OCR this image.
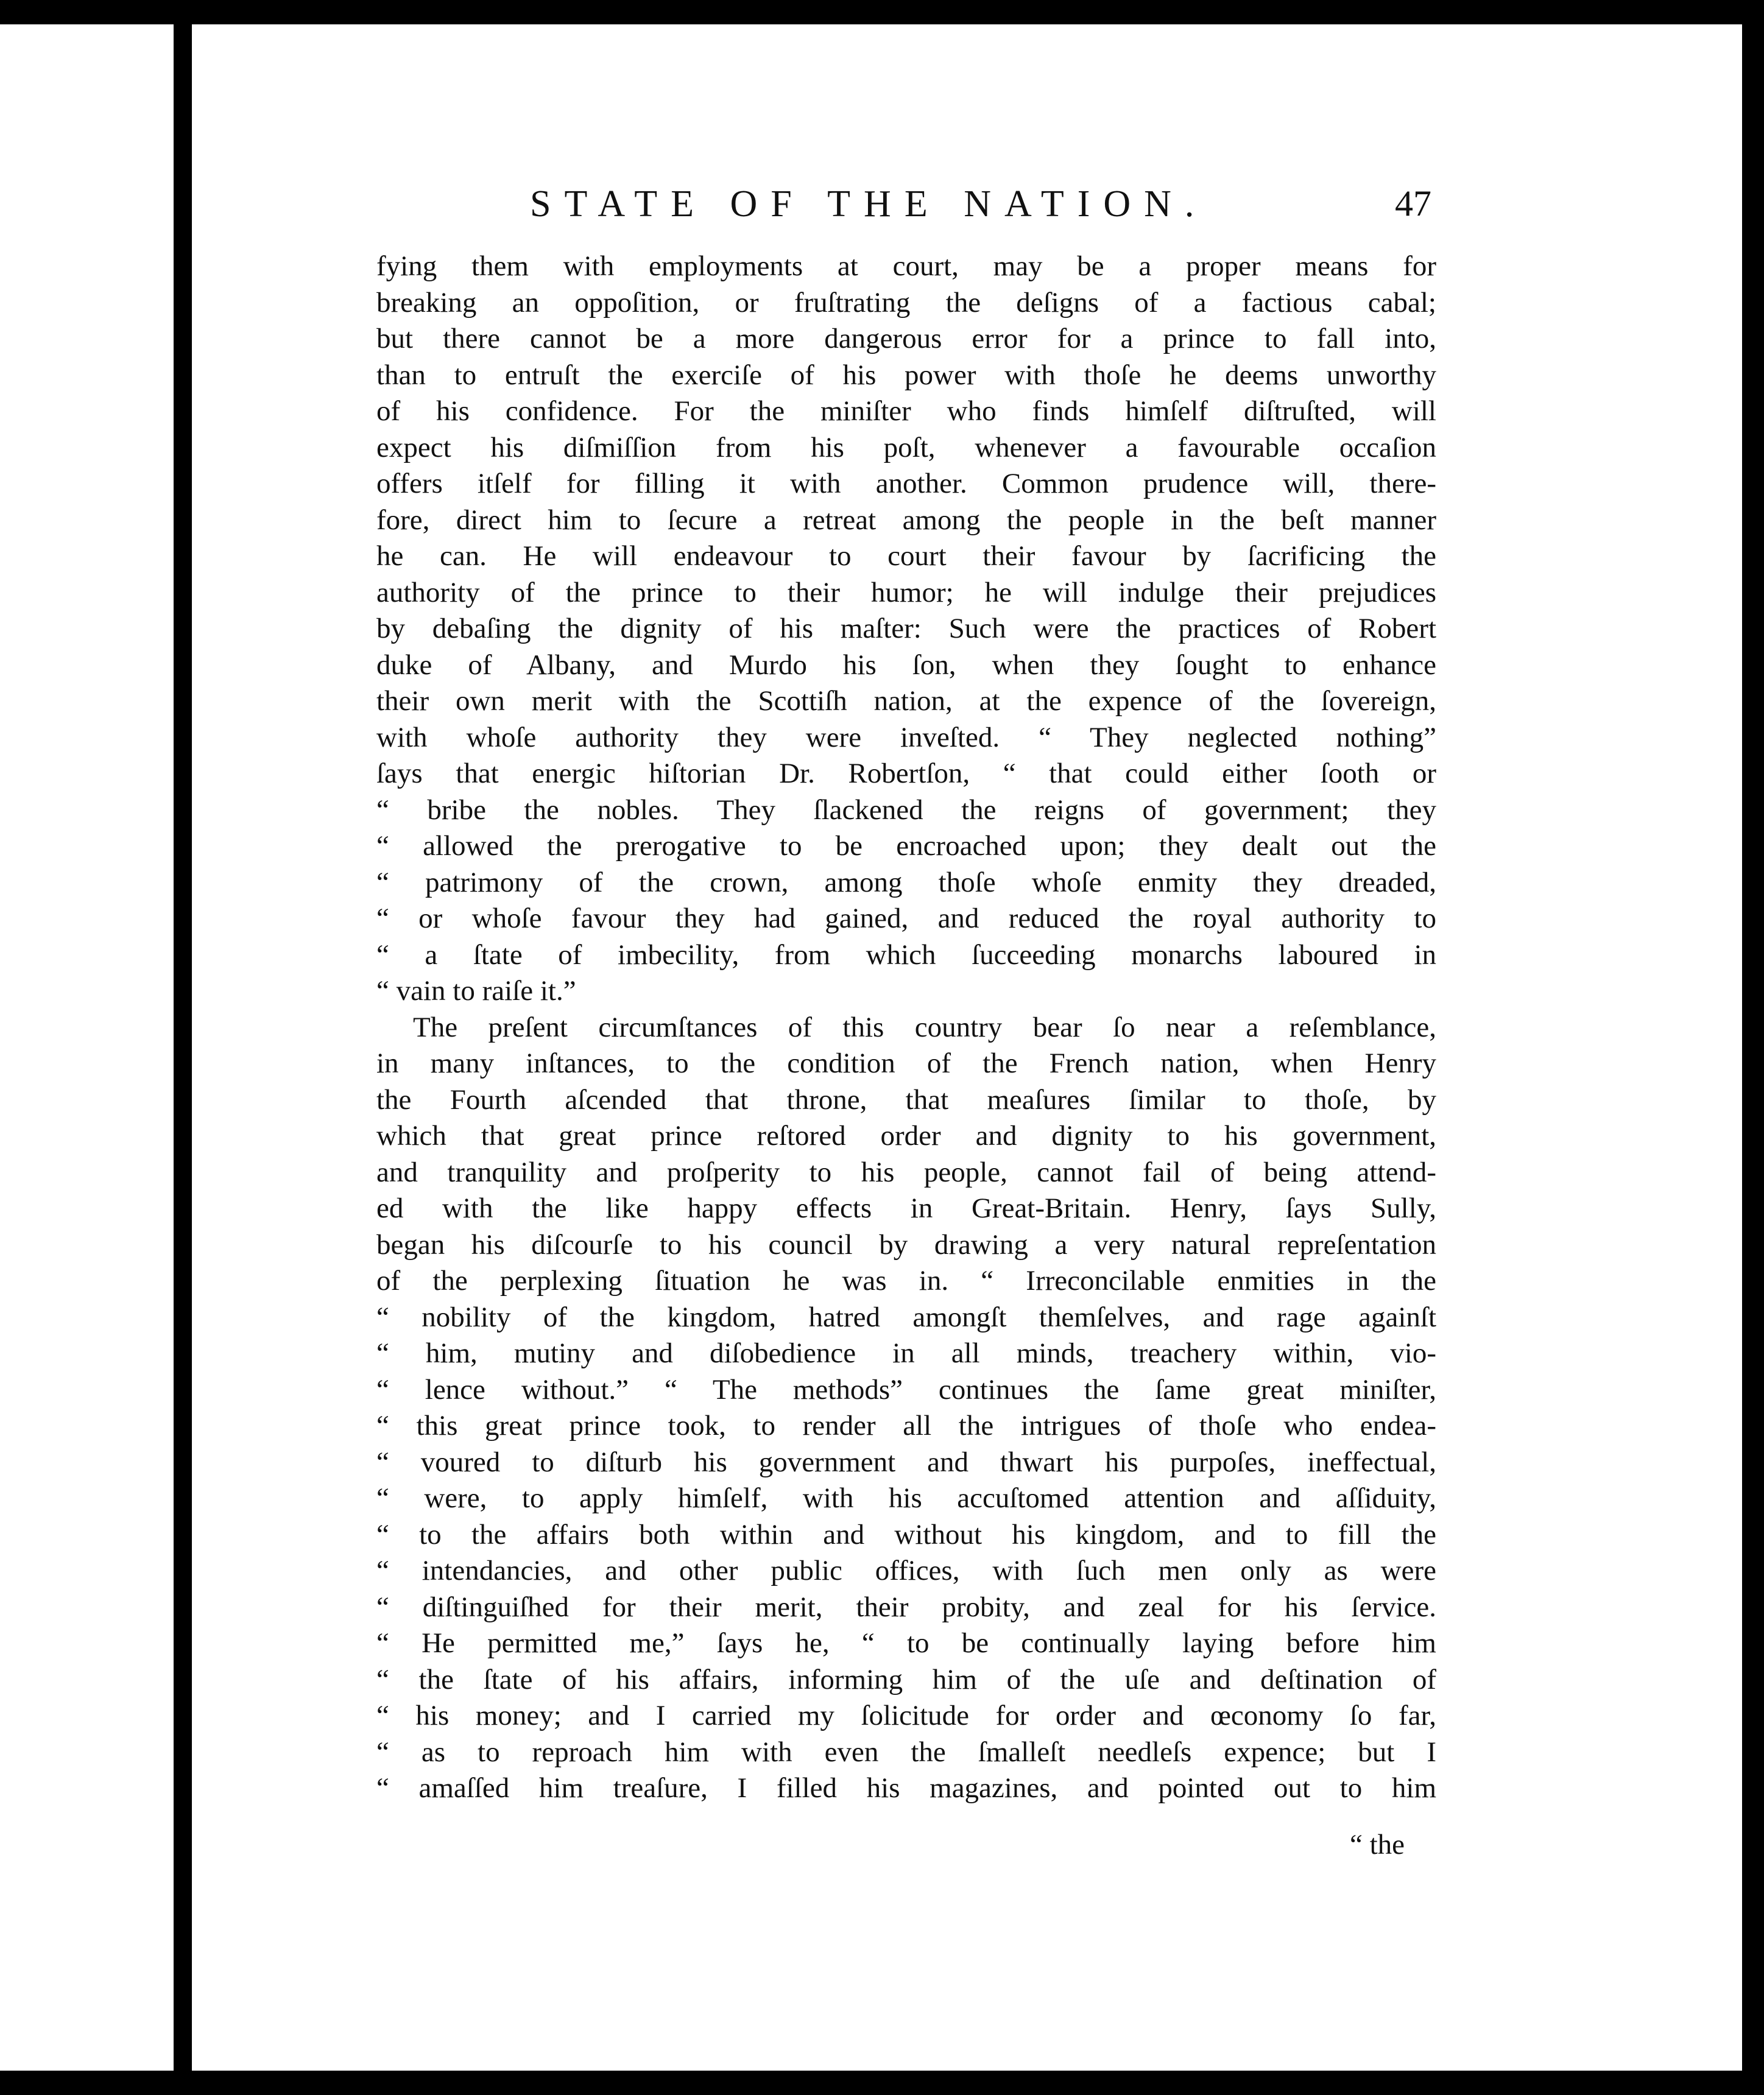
STATE OF THE NATION.	47
fying them with employments at court, may be a proper means for
breaking an oppoſition, or fruſtrating the deſigns of a factious cabal;
but there cannot be a more dangerous error for a prince to fall into,
than to entruſt the exerciſe of his power with thoſe he deems unworthy
of his confidence. For the miniſter who finds himſelf diſtruſted, will
expect his diſmiſſion from his poſt, whenever a favourable occaſion
offers itſelf for filling it with another. Common prudence will, there-
fore, direct him to ſecure a retreat among the people in the beſt manner
he can. He will endeavour to court their favour by ſacrificing the
authority of the prince to their humor; he will indulge their prejudices
by debaſing the dignity of his maſter: Such were the practices of Robert
duke of Albany, and Murdo his ſon, when they ſought to enhance
their own merit with the Scottiſh nation, at the expence of the ſovereign,
with whoſe authority they were inveſted. “ They neglected nothing”
ſays that energic hiſtorian Dr. Robertſon, “ that could either ſooth or
“ bribe the nobles. They ſlackened the reigns of government; they
“ allowed the prerogative to be encroached upon; they dealt out the
“ patrimony of the crown, among thoſe whoſe enmity they dreaded,
“ or whoſe favour they had gained, and reduced the royal authority to
“ a ſtate of imbecility, from which ſucceeding monarchs laboured in
“ vain to raiſe it.”
The preſent circumſtances of this country bear ſo near a reſemblance,
in many inſtances, to the condition of the French nation, when Henry
the Fourth aſcended that throne, that meaſures ſimilar to thoſe, by
which that great prince reſtored order and dignity to his government,
and tranquility and proſperity to his people, cannot fail of being attend-
ed with the like happy effects in Great-Britain. Henry, ſays Sully,
began his diſcourſe to his council by drawing a very natural repreſentation
of the perplexing ſituation he was in. “ Irreconcilable enmities in the
“ nobility of the kingdom, hatred amongſt themſelves, and rage againſt
“ him, mutiny and diſobedience in all minds, treachery within, vio-
“ lence without.” “ The methods” continues the ſame great miniſter,
“ this great prince took, to render all the intrigues of thoſe who endea-
“ voured to diſturb his government and thwart his purpoſes, ineffectual,
“ were, to apply himſelf, with his accuſtomed attention and aſſiduity,
“ to the affairs both within and without his kingdom, and to fill the
“ intendancies, and other public offices, with ſuch men only as were
“ diſtinguiſhed for their merit, their probity, and zeal for his ſervice.
“ He permitted me,” ſays he, “ to be continually laying before him
“ the ſtate of his affairs, informing him of the uſe and deſtination of
“ his money; and I carried my ſolicitude for order and œconomy ſo far,
“ as to reproach him with even the ſmalleſt needleſs expence; but I
“ amaſſed him treaſure, I filled his magazines, and pointed out to him
“ the
